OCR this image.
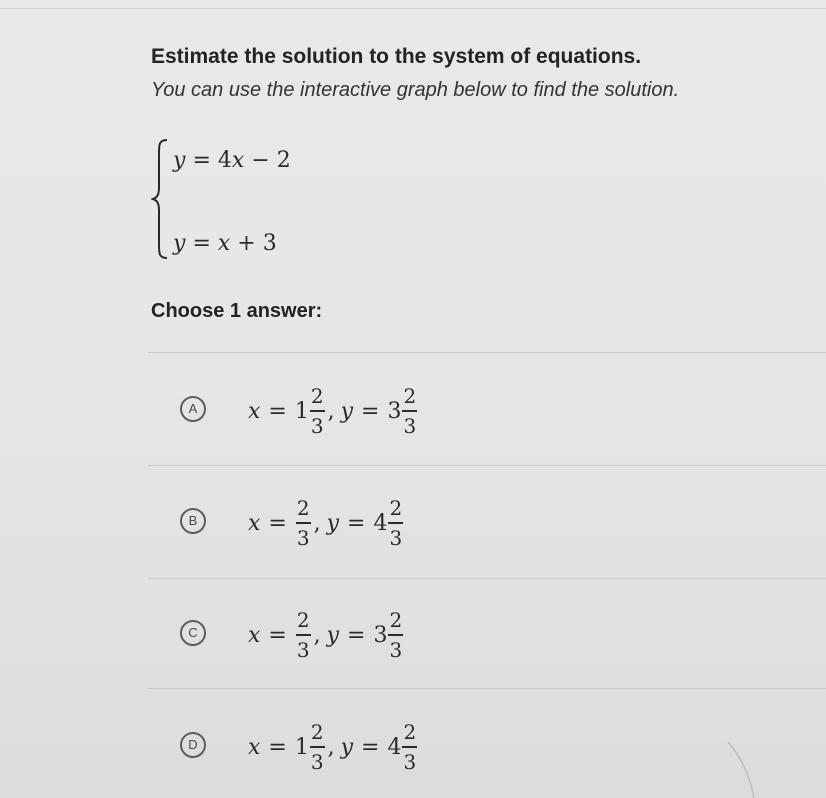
Estimate the solution to the system of equations.
You can use the interactive graph below to find the solution.
y = 4x − 2
y = x + 3
Choose 1 answer:
A	$x = 1 \frac{2}{3}$ , $y = 3 \frac{2}{3}$
B	$x = \frac{2}{3}$ , $y = 4 \frac{2}{3}$
C	$x = \frac{2}{3}$ , $y = 3 \frac{2}{3}$
D	$x = 1 \frac{2}{3}$ , $y = 4 \frac{2}{3}$
